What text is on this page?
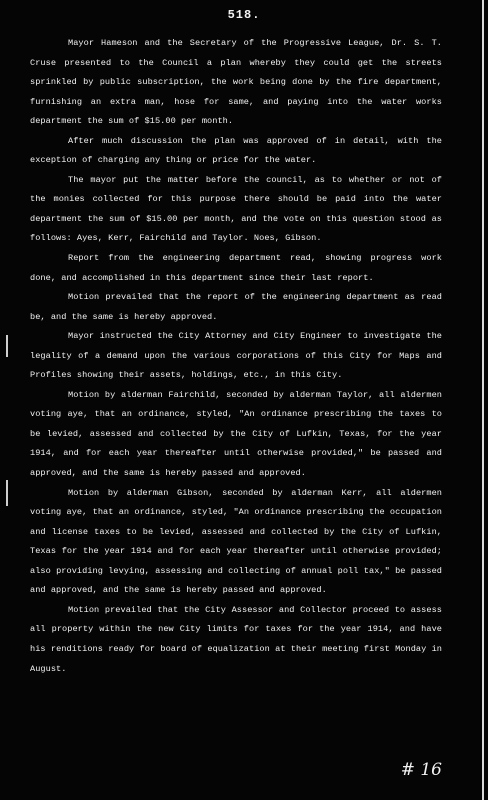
518.

Mayor Hameson and the Secretary of the Progressive League, Dr. S. T. Cruse presented to the Council a plan whereby they could get the streets sprinkled by public subscription, the work being done by the fire department, furnishing an extra man, hose for same, and paying into the water works department the sum of $15.00 per month.

After much discussion the plan was approved of in detail, with the exception of charging any thing or price for the water.

The mayor put the matter before the council, as to whether or not of the monies collected for this purpose there should be paid into the water department the sum of $15.00 per month, and the vote on this question stood as follows: Ayes, Kerr, Fairchild and Taylor. Noes, Gibson.

Report from the engineering department read, showing progress work done, and accomplished in this department since their last report.

Motion prevailed that the report of the engineering department as read be, and the same is hereby approved.

Mayor instructed the City Attorney and City Engineer to investigate the legality of a demand upon the various corporations of this City for Maps and Profiles showing their assets, holdings, etc., in this City.

Motion by alderman Fairchild, seconded by alderman Taylor, all aldermen voting aye, that an ordinance, styled, "An ordinance prescribing the taxes to be levied, assessed and collected by the City of Lufkin, Texas, for the year 1914, and for each year thereafter until otherwise provided," be passed and approved, and the same is hereby passed and approved.

Motion by alderman Gibson, seconded by alderman Kerr, all aldermen voting aye, that an ordinance, styled, "An ordinance prescribing the occupation and license taxes to be levied, assessed and collected by the City of Lufkin, Texas for the year 1914 and for each year thereafter until otherwise provided; also providing levying, assessing and collecting of annual poll tax," be passed and approved, and the same is hereby passed and approved.

Motion prevailed that the City Assessor and Collector proceed to assess all property within the new City limits for taxes for the year 1914, and have his renditions ready for board of equalization at their meeting first Monday in August.

# 16
